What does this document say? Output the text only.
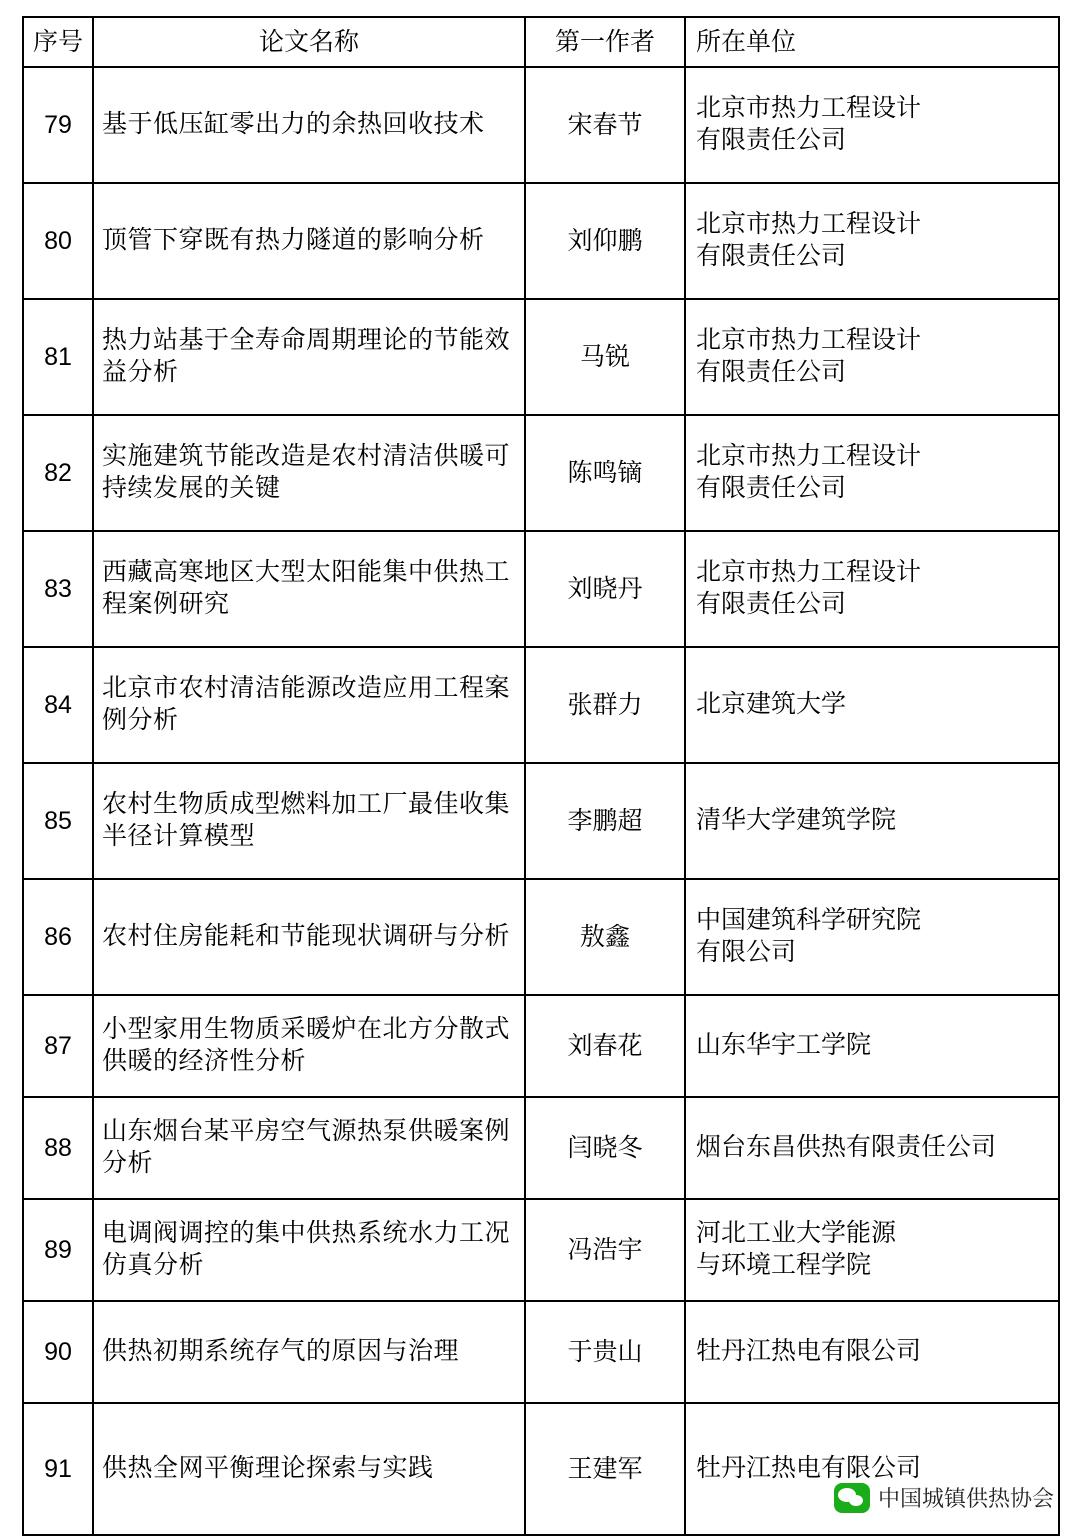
序号	论文名称	第一作者	所在单位
79	基于低压缸零出力的余热回收技术	宋春节	北京市热力工程设计
有限责任公司

80	顶管下穿既有热力隧道的影响分析	刘仰鹏	北京市热力工程设计
有限责任公司

81	热力站基于全寿命周期理论的节能效益分析	马锐	北京市热力工程设计
有限责任公司

82	实施建筑节能改造是农村清洁供暖可持续发展的关键	陈鸣镝	北京市热力工程设计
有限责任公司

83	西藏高寒地区大型太阳能集中供热工程案例研究	刘晓丹	北京市热力工程设计
有限责任公司

84	北京市农村清洁能源改造应用工程案例分析	张群力	北京建筑大学

85	农村生物质成型燃料加工厂最佳收集半径计算模型	李鹏超	清华大学建筑学院

86	农村住房能耗和节能现状调研与分析	敖鑫	中国建筑科学研究院
有限公司

87	小型家用生物质采暖炉在北方分散式供暖的经济性分析	刘春花	山东华宇工学院

88	山东烟台某平房空气源热泵供暖案例分析	闫晓冬	烟台东昌供热有限责任公司

89	电调阀调控的集中供热系统水力工况仿真分析	冯浩宇	河北工业大学能源
与环境工程学院

90	供热初期系统存气的原因与治理	于贵山	牡丹江热电有限公司

91	供热全网平衡理论探索与实践	王建军	牡丹江热电有限公司
中国城镇供热协会
